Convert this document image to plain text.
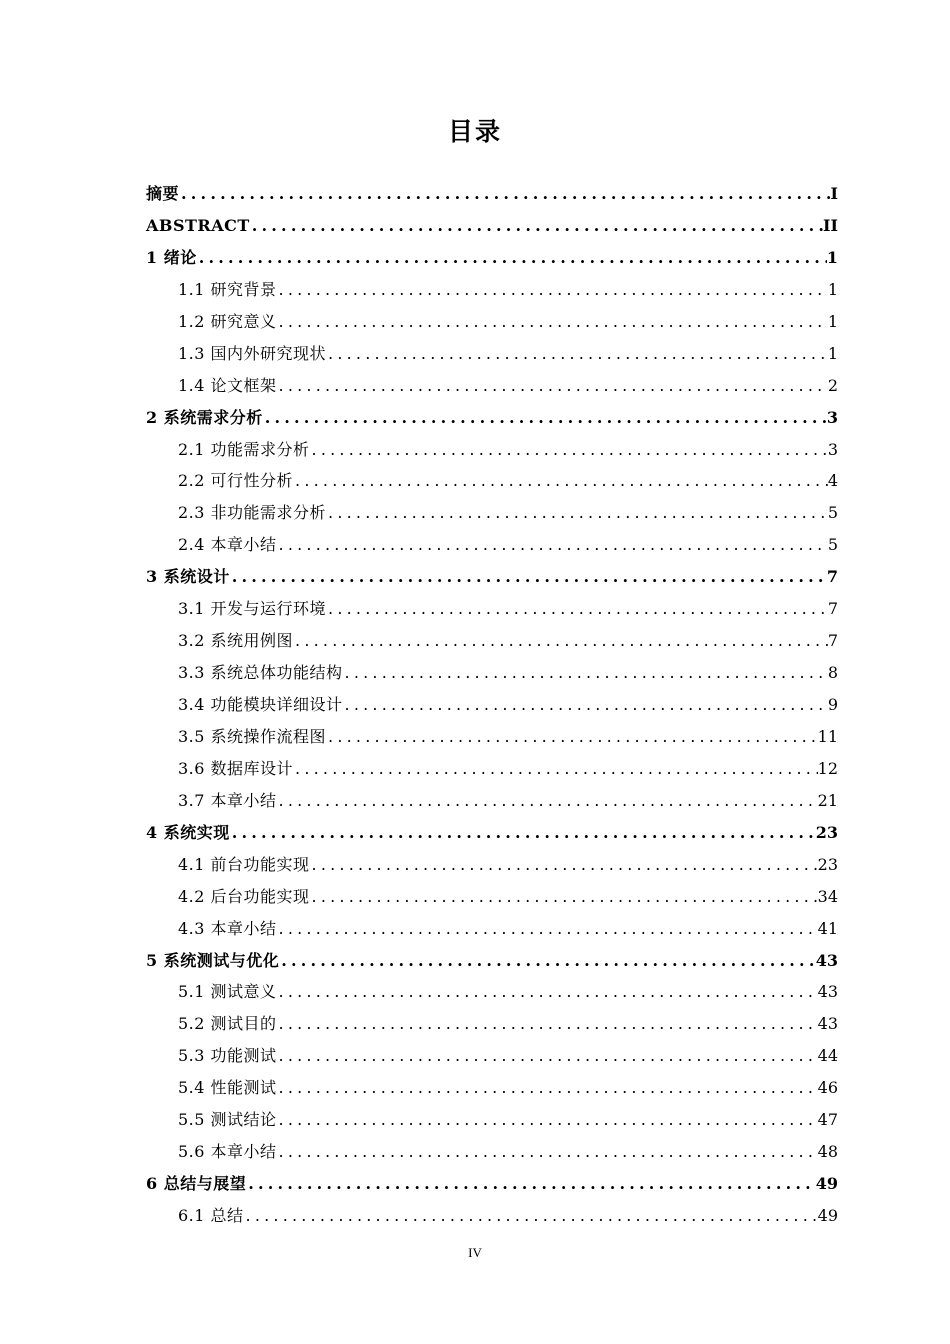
目录
摘要 .....	I
ABSTRACT .....	II
1 绪论 .....	1
1.1 研究背景 .....	1
1.2 研究意义 .....	1
1.3 国内外研究现状 .....	1
1.4 论文框架 .....	2
2 系统需求分析 .....	3
2.1 功能需求分析 .....	3
2.2 可行性分析 .....	4
2.3 非功能需求分析 .....	5
2.4 本章小结 .....	5
3 系统设计 .....	7
3.1 开发与运行环境 .....	7
3.2 系统用例图 .....	7
3.3 系统总体功能结构 .....	8
3.4 功能模块详细设计 .....	9
3.5 系统操作流程图 .....	11
3.6 数据库设计 .....	12
3.7 本章小结 .....	21
4 系统实现 .....	23
4.1 前台功能实现 .....	23
4.2 后台功能实现 .....	34
4.3 本章小结 .....	41
5 系统测试与优化 .....	43
5.1 测试意义 .....	43
5.2 测试目的 .....	43
5.3 功能测试 .....	44
5.4 性能测试 .....	46
5.5 测试结论 .....	47
5.6 本章小结 .....	48
6 总结与展望 .....	49
6.1 总结 .....	49
IV
